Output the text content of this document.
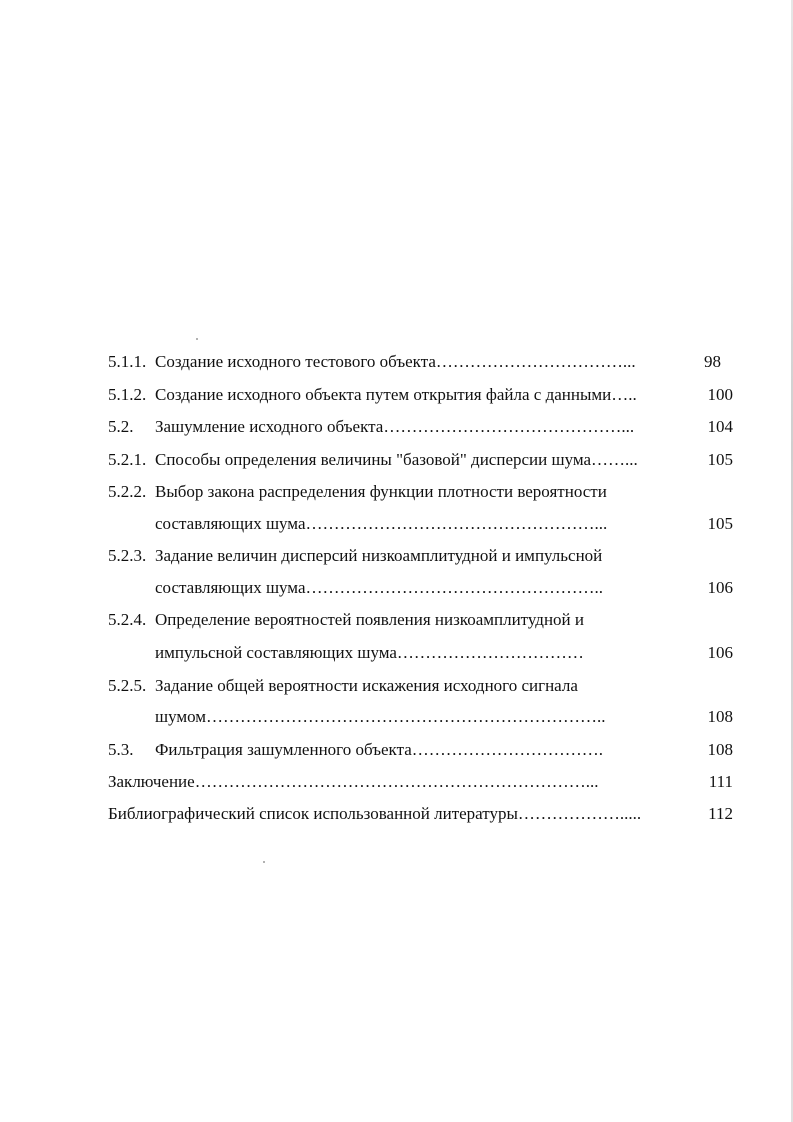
5.1.1. Создание исходного тестового объекта……………………………...	98
5.1.2. Создание исходного объекта путем открытия файла с данными…..	100
5.2. Зашумление исходного объекта……………………………………...	104
5.2.1. Способы определения величины "базовой" дисперсии шума……...	105
5.2.2. Выбор закона распределения функции плотности вероятности
составляющих шума……………………………………………...	105
5.2.3. Задание величин дисперсий низкоамплитудной и импульсной
составляющих шума……………………………………………..	106
5.2.4. Определение вероятностей появления низкоамплитудной и
импульсной составляющих шума……………………………	106
5.2.5. Задание общей вероятности искажения исходного сигнала
шумом……………………………………………………………..	108
5.3. Фильтрация зашумленного объекта…………………………….	108
Заключение……………………………………………………………...	111
Библиографический список использованной литературы……………….....	112
